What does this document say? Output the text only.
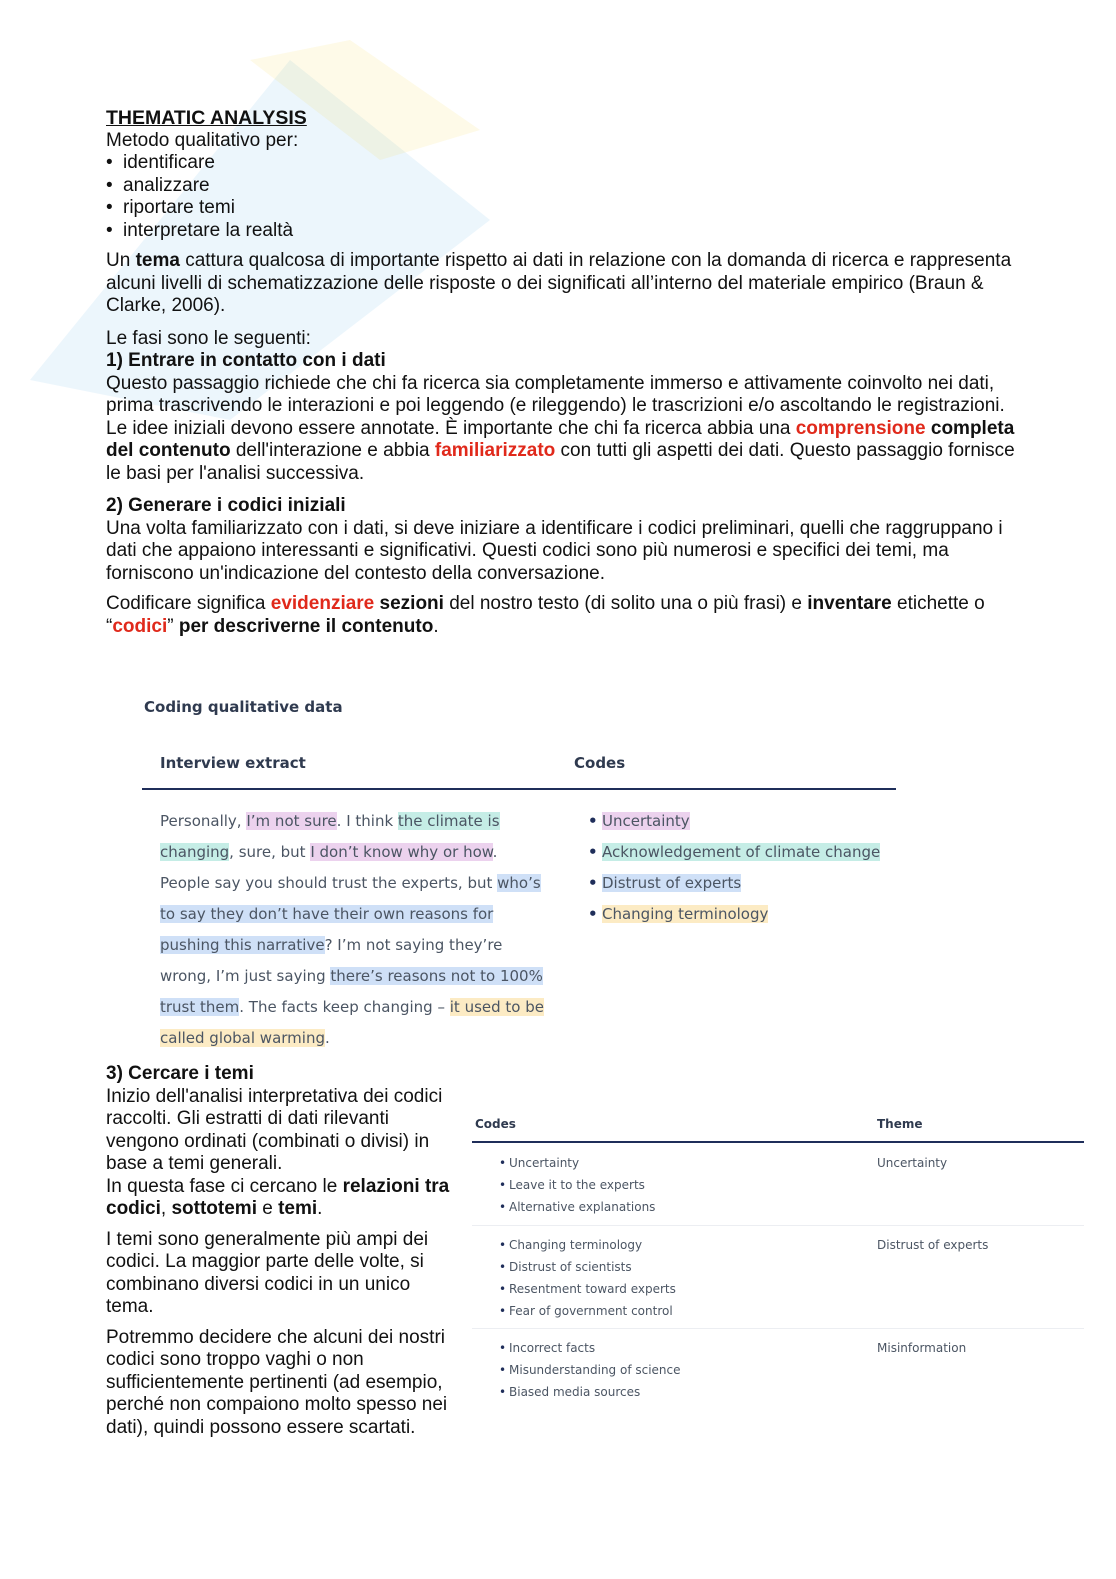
THEMATIC ANALYSIS

Metodo qualitativo per:

• identificare
• analizzare
• riportare temi
• interpretare la realtà

Un tema cattura qualcosa di importante rispetto ai dati in relazione con la domanda di ricerca e rappresenta alcuni livelli di schematizzazione delle risposte o dei significati all’interno del materiale empirico (Braun & Clarke, 2006).

Le fasi sono le seguenti:

1) Entrare in contatto con i dati

Questo passaggio richiede che chi fa ricerca sia completamente immerso e attivamente coinvolto nei dati, prima trascrivendo le interazioni e poi leggendo (e rileggendo) le trascrizioni e/o ascoltando le registrazioni. Le idee iniziali devono essere annotate. È importante che chi fa ricerca abbia una comprensione completa del contenuto dell'interazione e abbia familiarizzato con tutti gli aspetti dei dati. Questo passaggio fornisce le basi per l'analisi successiva.

2) Generare i codici iniziali

Una volta familiarizzato con i dati, si deve iniziare a identificare i codici preliminari, quelli che raggruppano i dati che appaiono interessanti e significativi. Questi codici sono più numerosi e specifici dei temi, ma forniscono un'indicazione del contesto della conversazione.

Codificare significa evidenziare sezioni del nostro testo (di solito una o più frasi) e inventare etichette o “codici” per descriverne il contenuto.

Coding qualitative data
Interview extract	Codes
Personally, I’m not sure. I think the climate is changing, sure, but I don’t know why or how. People say you should trust the experts, but who’s to say they don’t have their own reasons for pushing this narrative? I’m not saying they’re wrong, I’m just saying there’s reasons not to 100% trust them. The facts keep changing – it used to be called global warming.
• Uncertainty
• Acknowledgement of climate change
• Distrust of experts
• Changing terminology

3) Cercare i temi

Inizio dell'analisi interpretativa dei codici raccolti. Gli estratti di dati rilevanti vengono ordinati (combinati o divisi) in base a temi generali.

In questa fase ci cercano le relazioni tra codici, sottotemi e temi.

I temi sono generalmente più ampi dei codici. La maggior parte delle volte, si combinano diversi codici in un unico tema.

Potremmo decidere che alcuni dei nostri codici sono troppo vaghi o non sufficientemente pertinenti (ad esempio, perché non compaiono molto spesso nei dati), quindi possono essere scartati.

Codes	Theme
• Uncertainty
• Leave it to the experts
• Alternative explanations
Uncertainty
• Changing terminology
• Distrust of scientists
• Resentment toward experts
• Fear of government control
Distrust of experts
• Incorrect facts
• Misunderstanding of science
• Biased media sources
Misinformation
